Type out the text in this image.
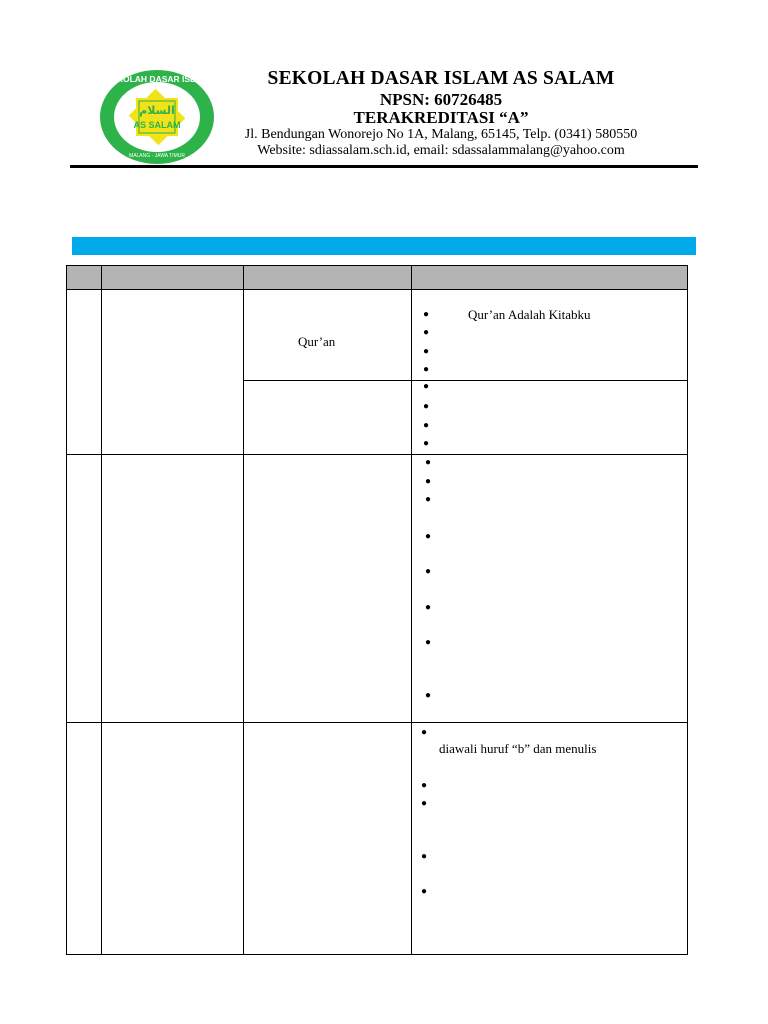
SEKOLAH DASAR ISLAM
السلام
AS SALAM
MALANG · JAWA TIMUR
SEKOLAH DASAR ISLAM AS SALAM
NPSN: 60726485
TERAKREDITASI “A”
Jl. Bendungan Wonorejo No 1A, Malang, 65145, Telp. (0341) 580550
Website: sdiassalam.sch.id, email: sdassalammalang@yahoo.com
Qur’an
●	Qur’an Adalah Kitabku
●
●
●
●
●
●
●
●
●
●
●
●
●
●
●
●
diawali huruf “b” dan menulis
●
●
●
●
